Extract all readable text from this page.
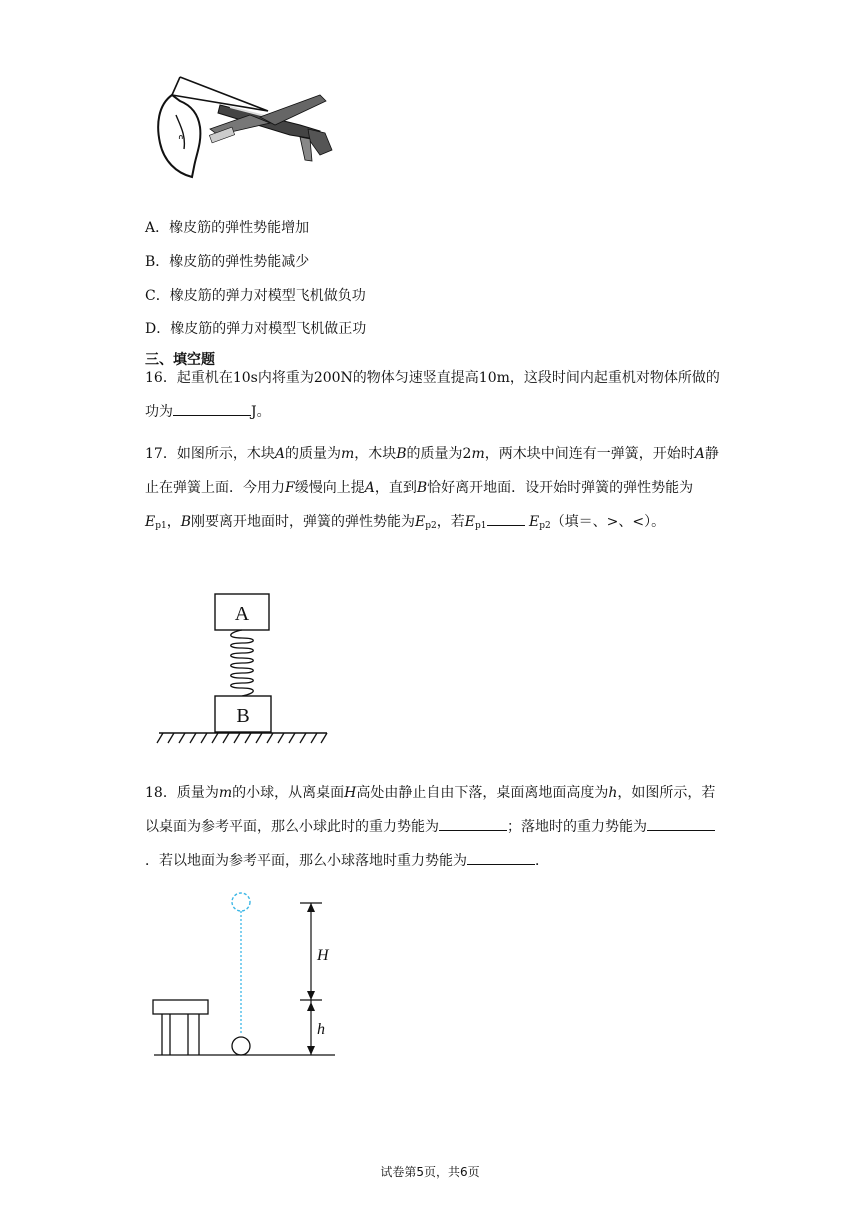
ᐢ
A．橡皮筋的弹性势能增加
B．橡皮筋的弹性势能减少
C．橡皮筋的弹力对模型飞机做负功
D．橡皮筋的弹力对模型飞机做正功
三、填空题
16．起重机在10s内将重为200N的物体匀速竖直提高10m，这段时间内起重机对物体所做的功为	J。
17．如图所示，木块A的质量为m，木块B的质量为2m，两木块中间连有一弹簧，开始时A静止在弹簧上面．今用力F缓慢向上提A，直到B恰好离开地面．设开始时弹簧的弹性势能为$E_{p1}$，B刚要离开地面时，弹簧的弹性势能为$E_{p2}$，若$E_{p1}$	$E_{p2}$（填＝、>、<）。
A
B
18．质量为m的小球，从离桌面H高处由静止自由下落，桌面离地面高度为h，如图所示，若以桌面为参考平面，那么小球此时的重力势能为	；落地时的重力势能为．若以地面为参考平面，那么小球落地时重力势能为	．
H
h
试卷第5页，共6页
